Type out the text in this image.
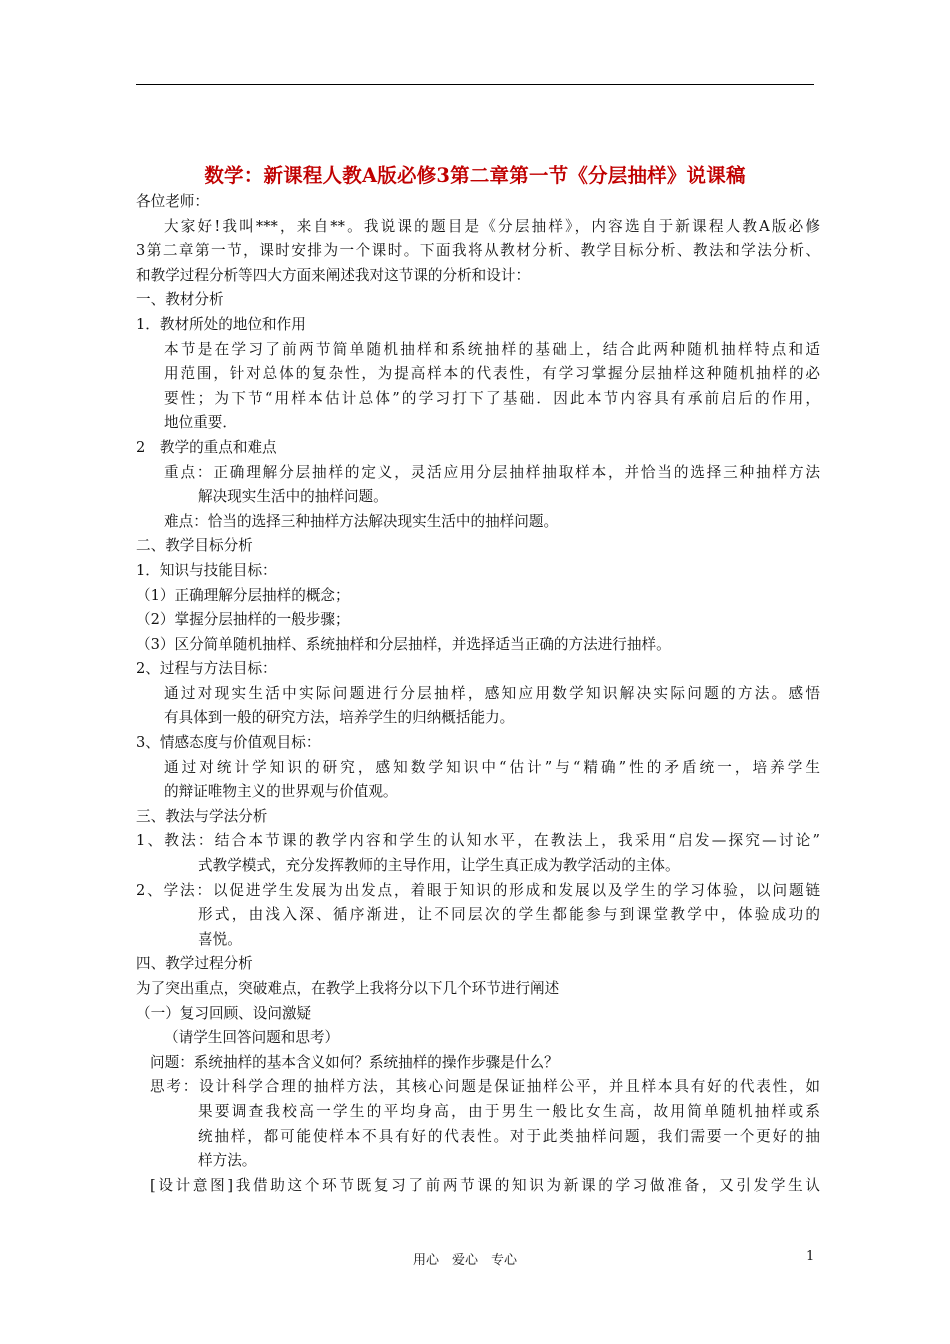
数学：新课程人教A版必修3第二章第一节《分层抽样》说课稿
各位老师：
大家好!我叫***，来自**。我说课的题目是《分层抽样》，内容选自于新课程人教A版必修
3第二章第一节，课时安排为一个课时。下面我将从教材分析、教学目标分析、教法和学法分析、
和教学过程分析等四大方面来阐述我对这节课的分析和设计：
一、教材分析
1．教材所处的地位和作用
本节是在学习了前两节简单随机抽样和系统抽样的基础上，结合此两种随机抽样特点和适
用范围，针对总体的复杂性，为提高样本的代表性，有学习掌握分层抽样这种随机抽样的必
要性；为下节“用样本估计总体”的学习打下了基础．因此本节内容具有承前启后的作用，
地位重要．
2　教学的重点和难点
重点：正确理解分层抽样的定义，灵活应用分层抽样抽取样本，并恰当的选择三种抽样方法
解决现实生活中的抽样问题。
难点：恰当的选择三种抽样方法解决现实生活中的抽样问题。
二、教学目标分析
1．知识与技能目标：
（1）正确理解分层抽样的概念；
（2）掌握分层抽样的一般步骤；
（3）区分简单随机抽样、系统抽样和分层抽样，并选择适当正确的方法进行抽样。
2、过程与方法目标：
通过对现实生活中实际问题进行分层抽样，感知应用数学知识解决实际问题的方法。感悟
有具体到一般的研究方法，培养学生的归纳概括能力。
3、情感态度与价值观目标：
通过对统计学知识的研究，感知数学知识中“估计”与“精确”性的矛盾统一，培养学生
的辩证唯物主义的世界观与价值观。
三、教法与学法分析
1、教法：结合本节课的教学内容和学生的认知水平，在教法上，我采用“启发—探究—讨论”
式教学模式，充分发挥教师的主导作用，让学生真正成为教学活动的主体。
2、学法：以促进学生发展为出发点，着眼于知识的形成和发展以及学生的学习体验，以问题链
形式，由浅入深、循序渐进，让不同层次的学生都能参与到课堂教学中，体验成功的
喜悦。
四、教学过程分析
为了突出重点，突破难点，在教学上我将分以下几个环节进行阐述
（一）复习回顾、设问激疑
（请学生回答问题和思考）
问题：系统抽样的基本含义如何？系统抽样的操作步骤是什么？
思考：设计科学合理的抽样方法，其核心问题是保证抽样公平，并且样本具有好的代表性，如
果要调查我校高一学生的平均身高，由于男生一般比女生高，故用简单随机抽样或系
统抽样，都可能使样本不具有好的代表性。对于此类抽样问题，我们需要一个更好的抽
样方法。
[设计意图]我借助这个环节既复习了前两节课的知识为新课的学习做准备，又引发学生认
用心　爱心　专心	1
